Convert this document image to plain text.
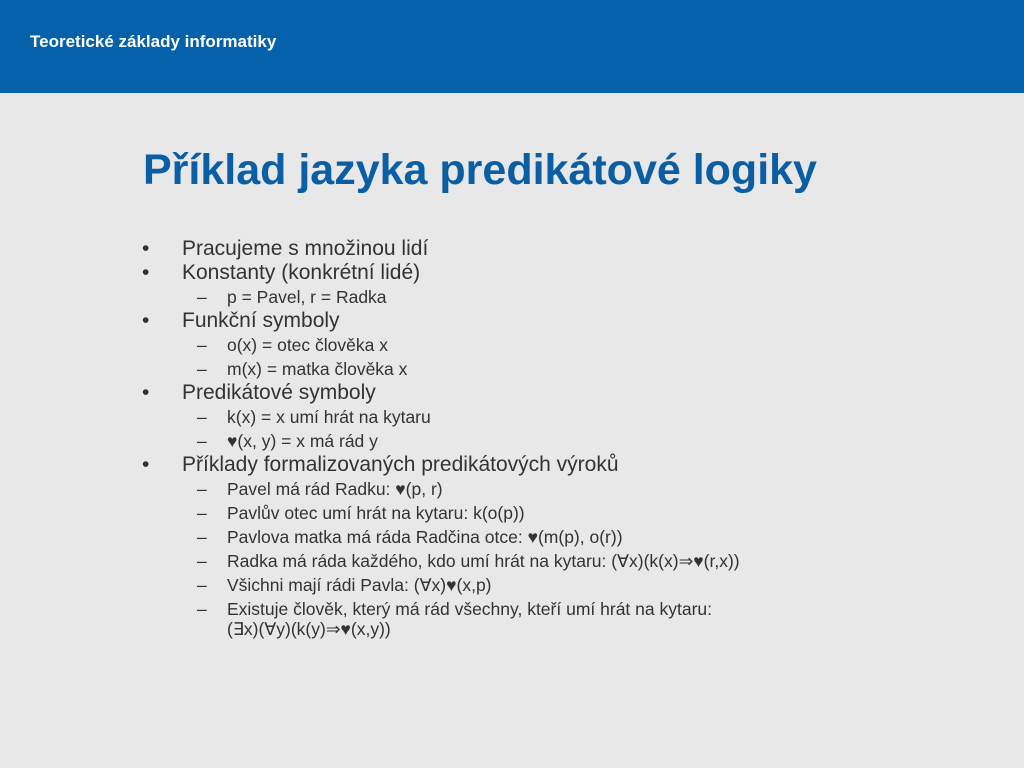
Teoretické základy informatiky
Příklad jazyka predikátové logiky
• Pracujeme s množinou lidí
• Konstanty (konkrétní lidé)
– p = Pavel, r = Radka
• Funkční symboly
– o(x) = otec člověka x
– m(x) = matka člověka x
• Predikátové symboly
– k(x) = x umí hrát na kytaru
– ♥(x, y) = x má rád y
• Příklady formalizovaných predikátových výroků
– Pavel má rád Radku: ♥(p, r)
– Pavlův otec umí hrát na kytaru: k(o(p))
– Pavlova matka má ráda Radčina otce: ♥(m(p), o(r))
– Radka má ráda každého, kdo umí hrát na kytaru: (∀x)(k(x)⇒♥(r,x))
– Všichni mají rádi Pavla: (∀x)♥(x,p)
– Existuje člověk, který má rád všechny, kteří umí hrát na kytaru:
(∃x)(∀y)(k(y)⇒♥(x,y))
